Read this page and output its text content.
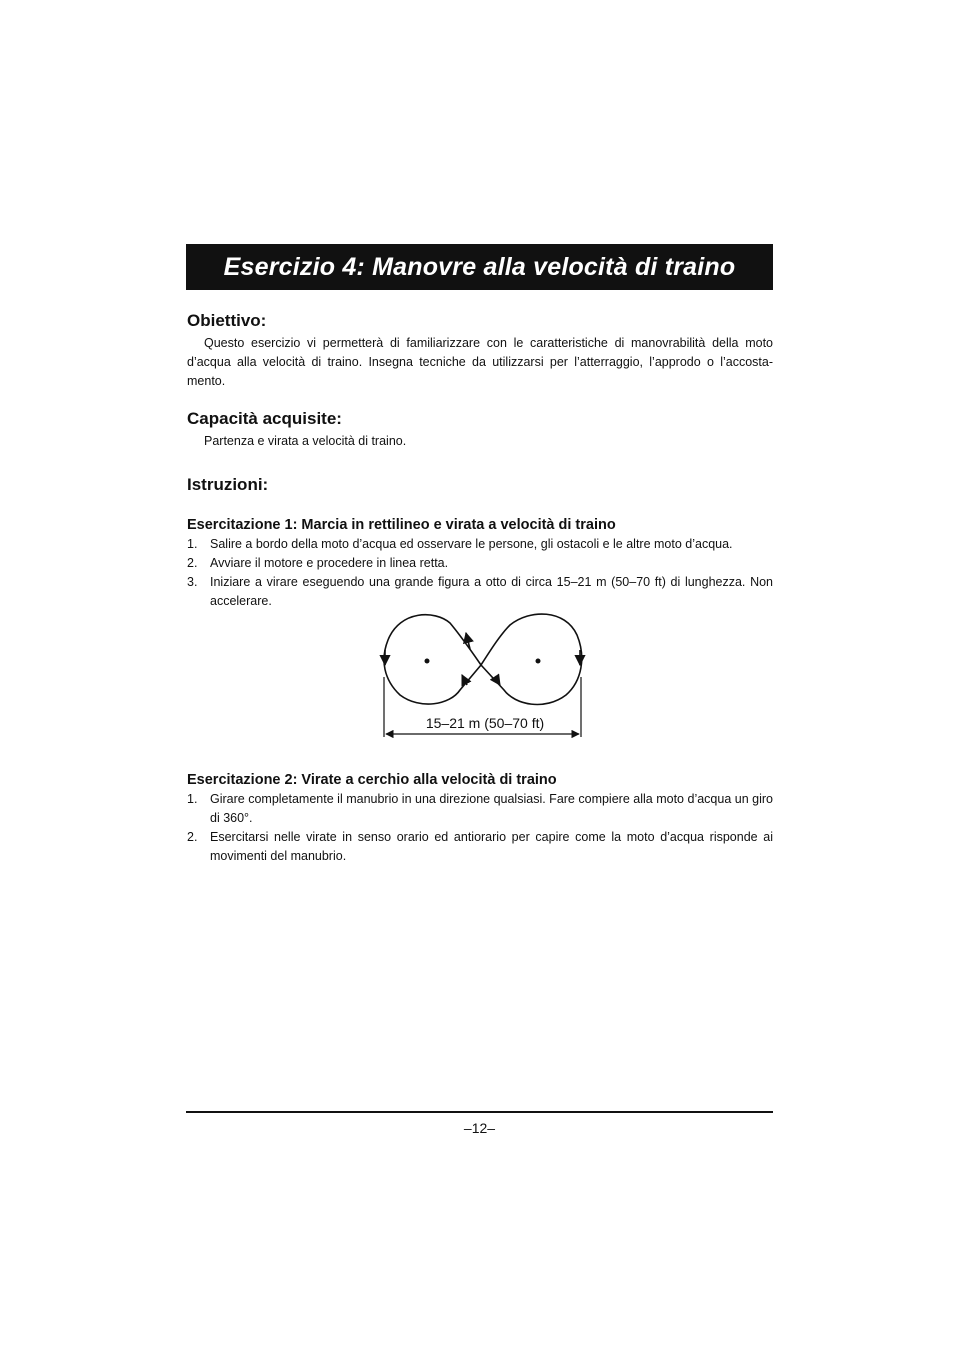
Esercizio 4: Manovre alla velocità di traino
Obiettivo:

Questo esercizio vi permetterà di familiarizzare con le caratteristiche di manovrabilità della moto d’acqua alla velocità di traino. Insegna tecniche da utilizzarsi per l’atterraggio, l’approdo o l’accosta-mento.

Capacità acquisite:

Partenza e virata a velocità di traino.

Istruzioni:
Esercitazione 1: Marcia in rettilineo e virata a velocità di traino
1. Salire a bordo della moto d’acqua ed osservare le persone, gli ostacoli e le altre moto d’acqua.
2. Avviare il motore e procedere in linea retta.
3. Iniziare a virare eseguendo una grande figura a otto di circa 15–21 m (50–70 ft) di lunghezza. Non accelerare.
15–21 m (50–70 ft)
Esercitazione 2: Virate a cerchio alla velocità di traino
1. Girare completamente il manubrio in una direzione qualsiasi. Fare compiere alla moto d’acqua un giro di 360°.
2. Esercitarsi nelle virate in senso orario ed antiorario per capire come la moto d’acqua risponde ai movimenti del manubrio.
–12–
